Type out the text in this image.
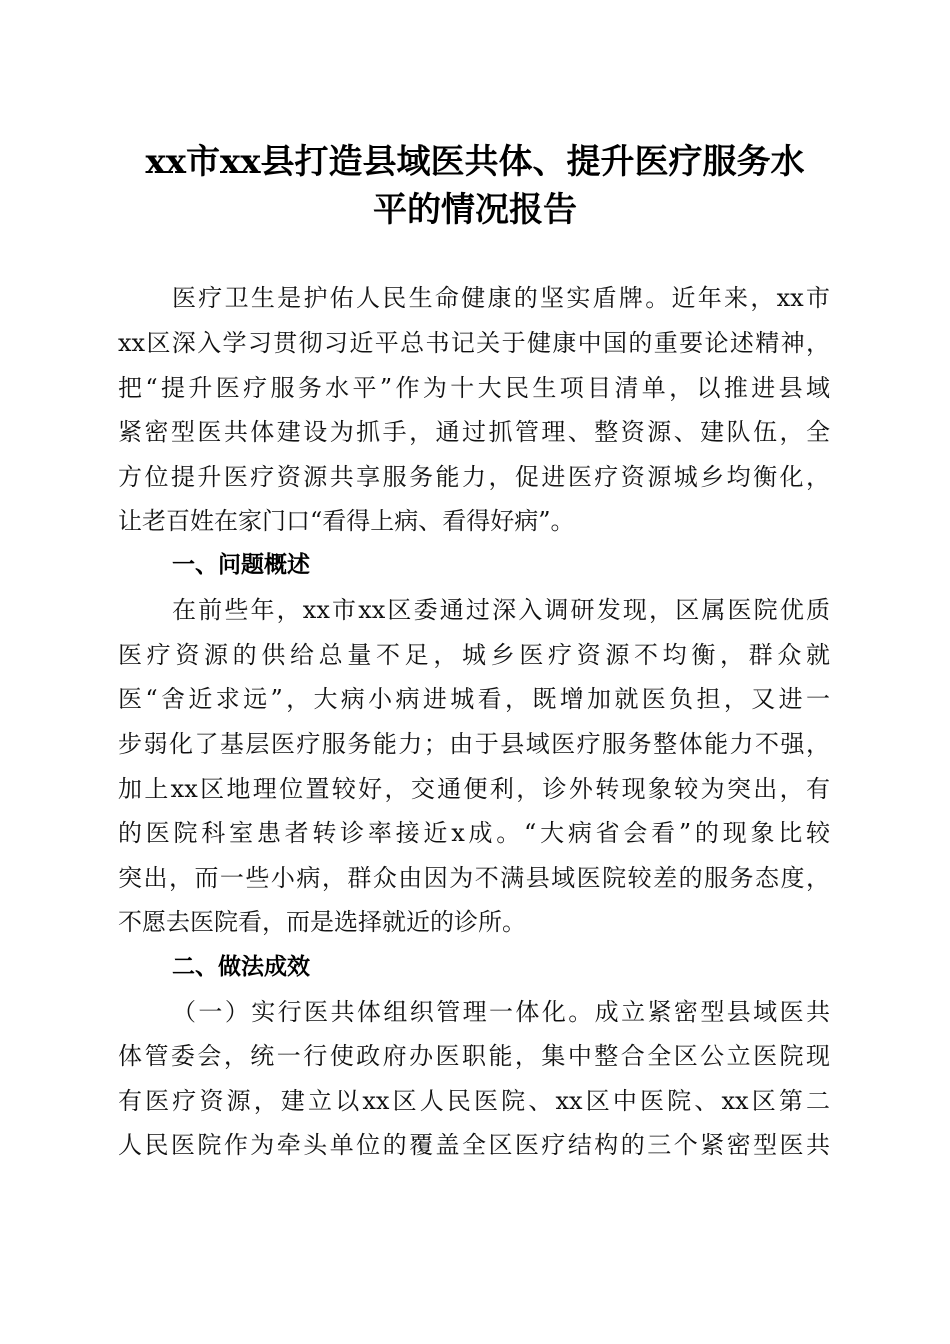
xx市xx县打造县域医共体、提升医疗服务水
平的情况报告
医疗卫生是护佑人民生命健康的坚实盾牌。近年来，xx市
xx区深入学习贯彻习近平总书记关于健康中国的重要论述精神，
把“提升医疗服务水平”作为十大民生项目清单，以推进县域
紧密型医共体建设为抓手，通过抓管理、整资源、建队伍，全
方位提升医疗资源共享服务能力，促进医疗资源城乡均衡化，
让老百姓在家门口“看得上病、看得好病”。
一、问题概述
在前些年，xx市xx区委通过深入调研发现，区属医院优质
医疗资源的供给总量不足，城乡医疗资源不均衡，群众就
医“舍近求远”，大病小病进城看，既增加就医负担，又进一
步弱化了基层医疗服务能力；由于县域医疗服务整体能力不强，
加上xx区地理位置较好，交通便利，诊外转现象较为突出，有
的医院科室患者转诊率接近x成。“大病省会看”的现象比较
突出，而一些小病，群众由因为不满县域医院较差的服务态度，
不愿去医院看，而是选择就近的诊所。
二、做法成效
（一）实行医共体组织管理一体化。成立紧密型县域医共
体管委会，统一行使政府办医职能，集中整合全区公立医院现
有医疗资源，建立以xx区人民医院、xx区中医院、xx区第二
人民医院作为牵头单位的覆盖全区医疗结构的三个紧密型医共
